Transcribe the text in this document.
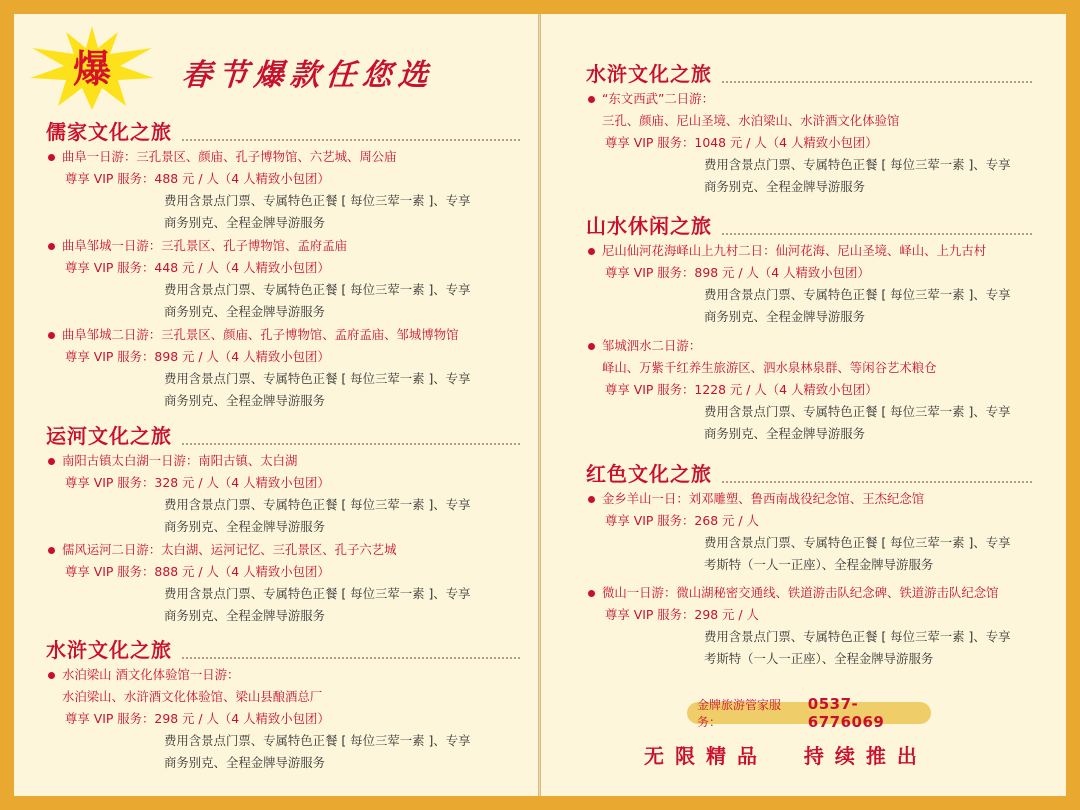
爆 春节爆款任您选
儒家文化之旅
曲阜一日游： 三孔景区、颜庙、孔子博物馆、六艺城、周公庙
尊享 VIP 服务：488 元 / 人（4 人精致小包团）
费用含景点门票、专属特色正餐 [ 每位三荤一素 ]、专享
商务别克、全程金牌导游服务
曲阜邹城一日游： 三孔景区、孔子博物馆、孟府孟庙
尊享 VIP 服务：448 元 / 人（4 人精致小包团）
费用含景点门票、专属特色正餐 [ 每位三荤一素 ]、专享
商务别克、全程金牌导游服务
曲阜邹城二日游： 三孔景区、颜庙、孔子博物馆、孟府孟庙、邹城博物馆
尊享 VIP 服务：898 元 / 人（4 人精致小包团）
费用含景点门票、专属特色正餐 [ 每位三荤一素 ]、专享
商务别克、全程金牌导游服务
运河文化之旅
南阳古镇太白湖一日游： 南阳古镇、太白湖
尊享 VIP 服务：328 元 / 人（4 人精致小包团）
费用含景点门票、专属特色正餐 [ 每位三荤一素 ]、专享
商务别克、全程金牌导游服务
儒风运河二日游： 太白湖、运河记忆、三孔景区、孔子六艺城
尊享 VIP 服务：888 元 / 人（4 人精致小包团）
费用含景点门票、专属特色正餐 [ 每位三荤一素 ]、专享
商务别克、全程金牌导游服务
水浒文化之旅
水泊梁山 酒文化体验馆一日游：
水泊梁山、水浒酒文化体验馆、梁山县酿酒总厂
尊享 VIP 服务：298 元 / 人（4 人精致小包团）
费用含景点门票、专属特色正餐 [ 每位三荤一素 ]、专享
商务别克、全程金牌导游服务
水浒文化之旅
“东文西武”二日游：
三孔、颜庙、尼山圣境、水泊梁山、水浒酒文化体验馆
尊享 VIP 服务：1048 元 / 人（4 人精致小包团）
费用含景点门票、专属特色正餐 [ 每位三荤一素 ]、专享
商务别克、全程金牌导游服务
山水休闲之旅
尼山仙河花海峄山上九村二日： 仙河花海、尼山圣境、峄山、上九古村
尊享 VIP 服务：898 元 / 人（4 人精致小包团）
费用含景点门票、专属特色正餐 [ 每位三荤一素 ]、专享
商务别克、全程金牌导游服务
邹城泗水二日游：
峄山、万紫千红养生旅游区、泗水泉林泉群、等闲谷艺术粮仓
尊享 VIP 服务：1228 元 / 人（4 人精致小包团）
费用含景点门票、专属特色正餐 [ 每位三荤一素 ]、专享
商务别克、全程金牌导游服务
红色文化之旅
金乡羊山一日： 刘邓雕塑、鲁西南战役纪念馆、王杰纪念馆
尊享 VIP 服务：268 元 / 人
费用含景点门票、专属特色正餐 [ 每位三荤一素 ]、专享
考斯特（一人一正座）、全程金牌导游服务
微山一日游： 微山湖秘密交通线、铁道游击队纪念碑、铁道游击队纪念馆
尊享 VIP 服务：298 元 / 人
费用含景点门票、专属特色正餐 [ 每位三荤一素 ]、专享
考斯特（一人一正座）、全程金牌导游服务
金牌旅游管家服务：
0537-6776069
无限精品  持续推出
